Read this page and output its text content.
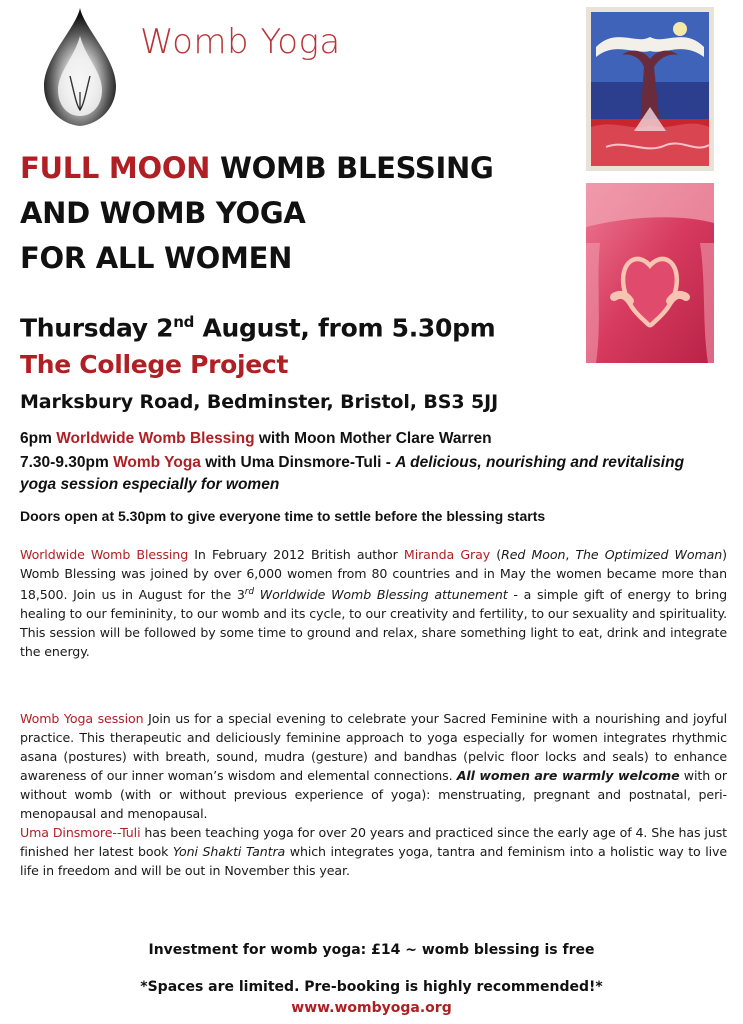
Womb Yoga
FULL MOON WOMB BLESSING
AND WOMB YOGA
FOR ALL WOMEN
Thursday 2nd August, from 5.30pm
The College Project
Marksbury Road, Bedminster, Bristol, BS3 5JJ
6pm Worldwide Womb Blessing with Moon Mother Clare Warren
7.30-9.30pm Womb Yoga with Uma Dinsmore-Tuli - A delicious, nourishing and revitalising yoga session especially for women
Doors open at 5.30pm to give everyone time to settle before the blessing starts
Worldwide Womb Blessing In February 2012 British author Miranda Gray (Red Moon, The Optimized Woman) Womb Blessing was joined by over 6,000 women from 80 countries and in May the women became more than 18,500. Join us in August for the 3rd Worldwide Womb Blessing attunement - a simple gift of energy to bring healing to our femininity, to our womb and its cycle, to our creativity and fertility, to our sexuality and spirituality. This session will be followed by some time to ground and relax, share something light to eat, drink and integrate the energy.
Womb Yoga session Join us for a special evening to celebrate your Sacred Feminine with a nourishing and joyful practice. This therapeutic and deliciously feminine approach to yoga especially for women integrates rhythmic asana (postures) with breath, sound, mudra (gesture) and bandhas (pelvic floor locks and seals) to enhance awareness of our inner woman’s wisdom and elemental connections. All women are warmly welcome with or without womb (with or without previous experience of yoga): menstruating, pregnant and postnatal, peri-menopausal and menopausal.
Uma Dinsmore--Tuli has been teaching yoga for over 20 years and practiced since the early age of 4. She has just finished her latest book Yoni Shakti Tantra which integrates yoga, tantra and feminism into a holistic way to live life in freedom and will be out in November this year.
Investment for womb yoga: £14 ~ womb blessing is free
*Spaces are limited. Pre-booking is highly recommended!*
www.wombyoga.org
